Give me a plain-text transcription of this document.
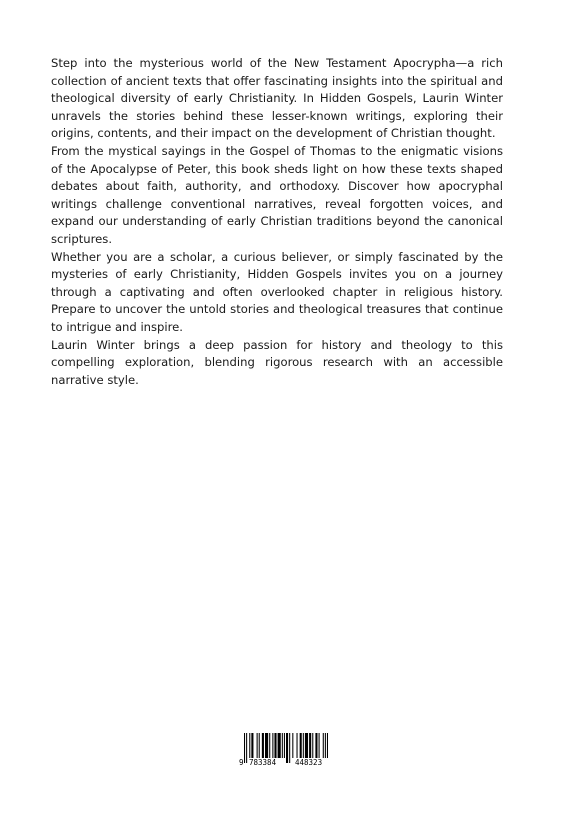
Step into the mysterious world of the New Testament Apocrypha—a rich collection of ancient texts that offer fascinating insights into the spiritual and theological diversity of early Christianity. In Hidden Gospels, Laurin Winter unravels the stories behind these lesser-known writings, exploring their origins, contents, and their impact on the development of Christian thought.

From the mystical sayings in the Gospel of Thomas to the enigmatic visions of the Apocalypse of Peter, this book sheds light on how these texts shaped debates about faith, authority, and orthodoxy. Discover how apocryphal writings challenge conventional narratives, reveal forgotten voices, and expand our understanding of early Christian traditions beyond the canonical scriptures.

Whether you are a scholar, a curious believer, or simply fascinated by the mysteries of early Christianity, Hidden Gospels invites you on a journey through a captivating and often overlooked chapter in religious history. Prepare to uncover the untold stories and theological treasures that continue to intrigue and inspire.

Laurin Winter brings a deep passion for history and theology to this compelling exploration, blending rigorous research with an accessible narrative style.

9 783384	448323
